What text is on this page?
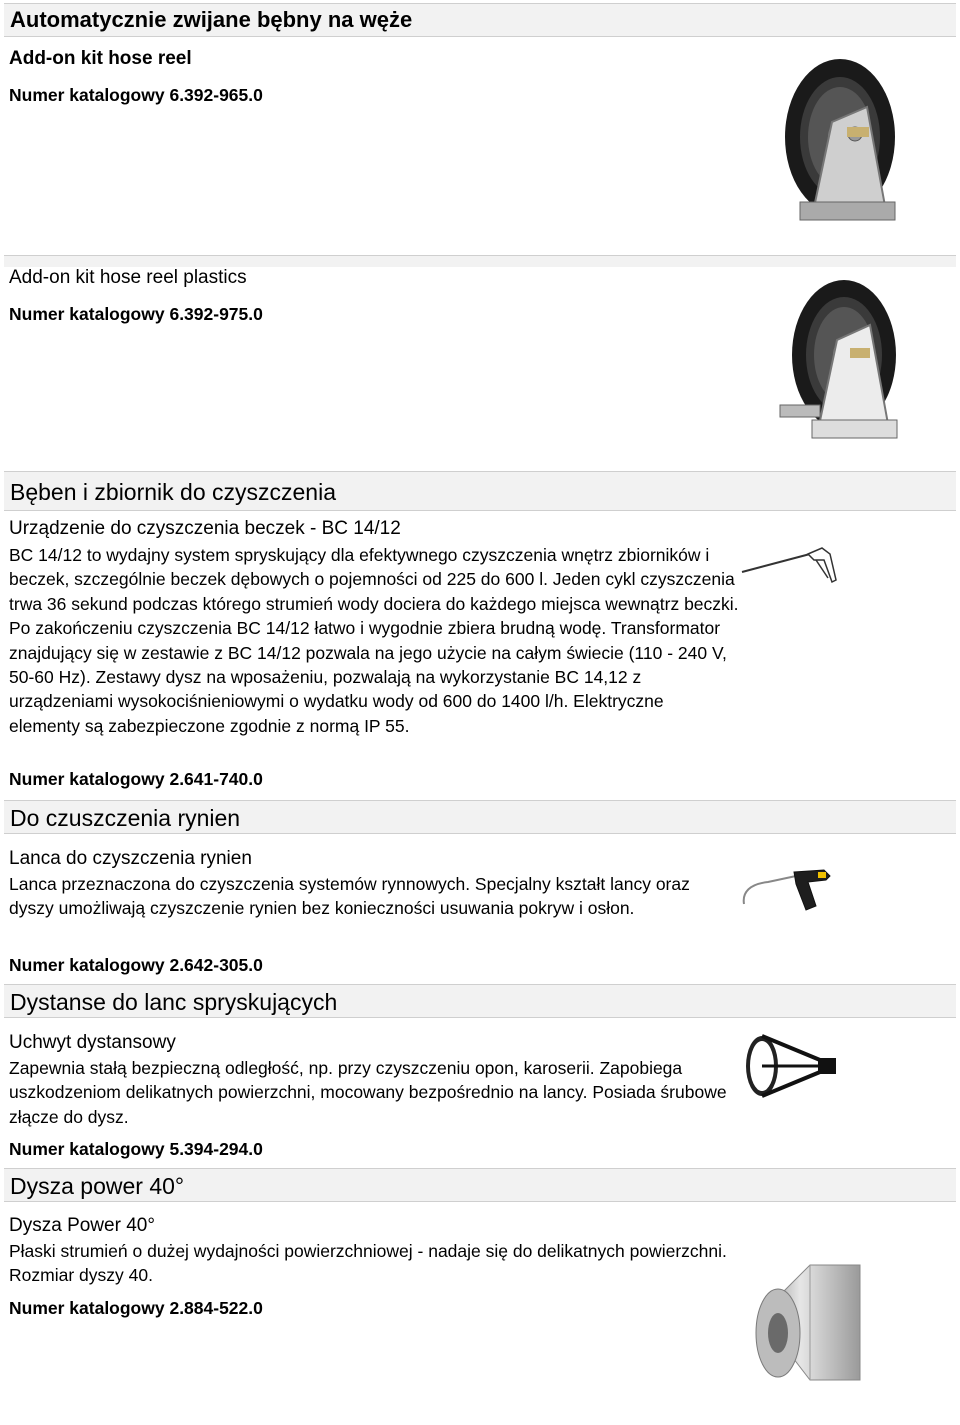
Automatycznie zwijane bębny na węże
Add-on kit hose reel
Numer katalogowy 6.392-965.0
Add-on kit hose reel plastics
Numer katalogowy 6.392-975.0
Bęben i zbiornik do czyszczenia
Urządzenie do czyszczenia beczek - BC 14/12

BC 14/12 to wydajny system spryskujący dla efektywnego czyszczenia wnętrz zbiorników i beczek, szczególnie beczek dębowych o pojemności od 225 do 600 l. Jeden cykl czyszczenia trwa 36 sekund podczas którego strumień wody dociera do każdego miejsca wewnątrz beczki. Po zakończeniu czyszczenia BC 14/12 łatwo i wygodnie zbiera brudną wodę. Transformator znajdujący się w zestawie z BC 14/12 pozwala na jego użycie na całym świecie (110 - 240 V, 50-60 Hz). Zestawy dysz na wposażeniu, pozwalają na wykorzystanie BC 14,12 z urządzeniami wysokociśnieniowymi o wydatku wody od 600 do 1400 l/h. Elektryczne elementy są zabezpieczone zgodnie z normą IP 55.

Numer katalogowy 2.641-740.0
Do czuszczenia rynien
Lanca do czyszczenia rynien

Lanca przeznaczona do czyszczenia systemów rynnowych. Specjalny kształt lancy oraz dyszy umożliwają czyszczenie rynien bez konieczności usuwania pokryw i osłon.

Numer katalogowy 2.642-305.0
Dystanse do lanc spryskujących
Uchwyt dystansowy

Zapewnia stałą bezpieczną odległość, np. przy czyszczeniu opon, karoserii. Zapobiega uszkodzeniom delikatnych powierzchni, mocowany bezpośrednio na lancy. Posiada śrubowe złącze do dysz.

Numer katalogowy 5.394-294.0
Dysza power 40°
Dysza Power 40°

Płaski strumień o dużej wydajności powierzchniowej - nadaje się do delikatnych powierzchni. Rozmiar dyszy 40.

Numer katalogowy 2.884-522.0
